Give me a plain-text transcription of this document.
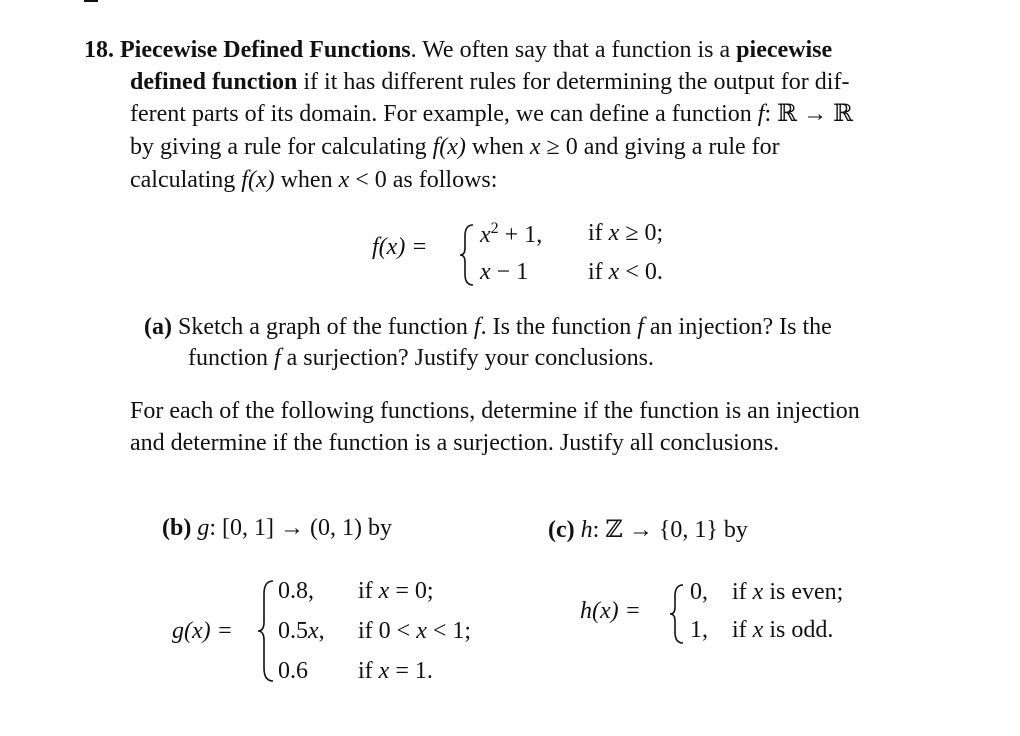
18. Piecewise Defined Functions. We often say that a function is a piecewise
defined function if it has different rules for determining the output for dif-
ferent parts of its domain. For example, we can define a function f: ℝ → ℝ
by giving a rule for calculating f(x) when x ≥ 0 and giving a rule for
calculating f(x) when x < 0 as follows:
$f(x) = x^2 + 1$, if x ≥ 0;
x − 1 if x < 0.
(a) Sketch a graph of the function f. Is the function f an injection? Is the
function f a surjection? Justify your conclusions.
For each of the following functions, determine if the function is an injection
and determine if the function is a surjection. Justify all conclusions.
(b) g: [0, 1] → (0, 1) by
g(x) =
0.8, if x = 0;
0.5x, if 0 < x < 1;
0.6 if x = 1.
(c) h: ℤ → {0, 1} by
h(x) =
0, if x is even;
1, if x is odd.
